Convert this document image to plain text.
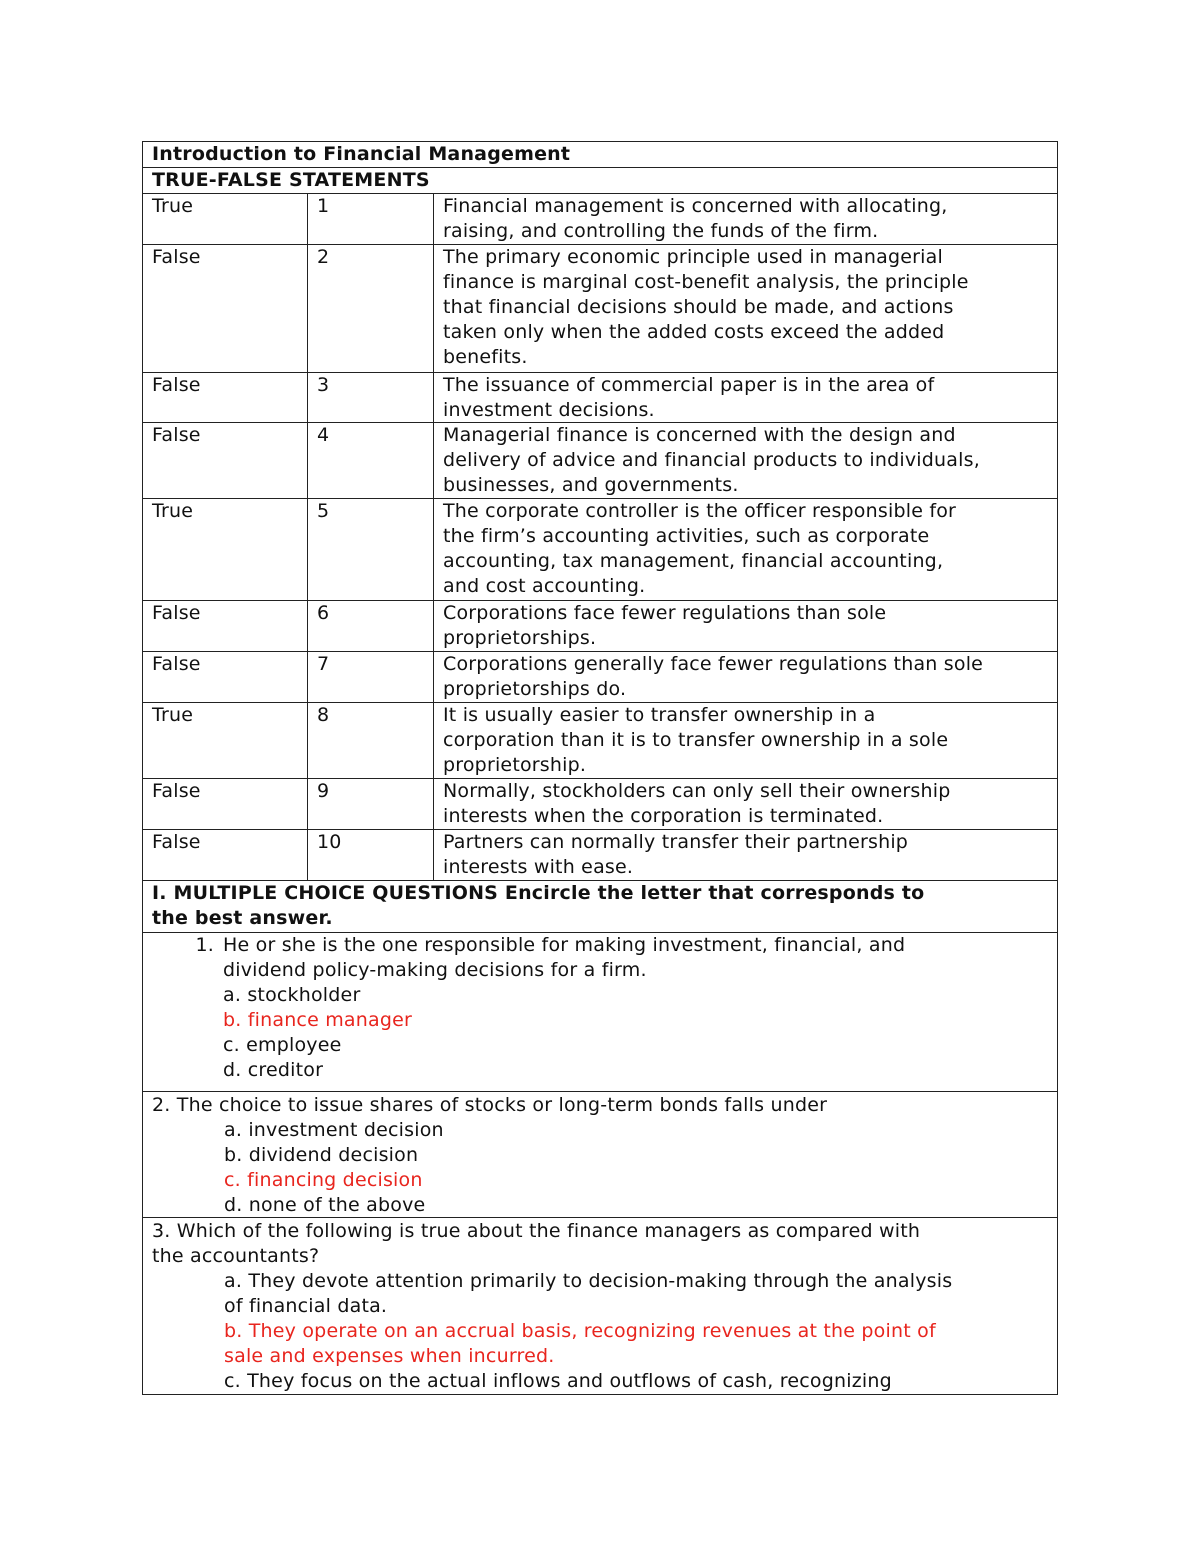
Introduction to Financial Management
TRUE-FALSE STATEMENTS
True	1	Financial management is concerned with allocating,
raising, and controlling the funds of the firm.
False	2	The primary economic principle used in managerial
finance is marginal cost-benefit analysis, the principle
that financial decisions should be made, and actions
taken only when the added costs exceed the added
benefits.
False	3	The issuance of commercial paper is in the area of
investment decisions.
False	4	Managerial finance is concerned with the design and
delivery of advice and financial products to individuals,
businesses, and governments.
True	5	The corporate controller is the officer responsible for
the firm’s accounting activities, such as corporate
accounting, tax management, financial accounting,
and cost accounting.
False	6	Corporations face fewer regulations than sole
proprietorships.
False	7	Corporations generally face fewer regulations than sole
proprietorships do.
True	8	It is usually easier to transfer ownership in a
corporation than it is to transfer ownership in a sole
proprietorship.
False	9	Normally, stockholders can only sell their ownership
interests when the corporation is terminated.
False	10	Partners can normally transfer their partnership
interests with ease.
I. MULTIPLE CHOICE QUESTIONS Encircle the letter that corresponds to
the best answer.
1. He or she is the one responsible for making investment, financial, and
dividend policy-making decisions for a firm.
a. stockholder
b. finance manager
c. employee
d. creditor
2. The choice to issue shares of stocks or long-term bonds falls under
a. investment decision
b. dividend decision
c. financing decision
d. none of the above
3. Which of the following is true about the finance managers as compared with
the accountants?
a. They devote attention primarily to decision-making through the analysis
of financial data.
b. They operate on an accrual basis, recognizing revenues at the point of
sale and expenses when incurred.
c. They focus on the actual inflows and outflows of cash, recognizing
